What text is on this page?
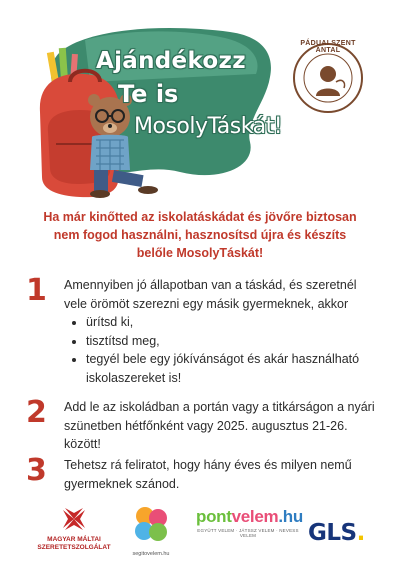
Ajándékozz
Te is
MosolyTáskát!
PÁDUAI SZENT ANTAL
Ha már kinőtted az iskolatáskádat és jövőre biztosan
nem fogod használni, hasznosítsd újra és készíts
belőle MosolyTáskát!
1 Amennyiben jó állapotban van a táskád, és szeretnél
vele örömöt szerezni egy másik gyermeknek, akkor
• ürítsd ki,
• tisztítsd meg,
• tegyél bele egy jókívánságot és akár használható iskolaszereket is!
2 Add le az iskoládban a portán vagy a titkárságon a nyári szünetben hétfőnként vagy 2025. augusztus 21-26. között!
3 Tehetsz rá feliratot, hogy hány éves és milyen nemű gyermeknek szánod.
MAGYAR MÁLTAI
SZERETETSZOLGÁLAT
segitovelem.hu
pontvelem.hu
EGYÜTT VELEM · JÁTSSZ VELEM · NEVESS VELEM	GLS.
